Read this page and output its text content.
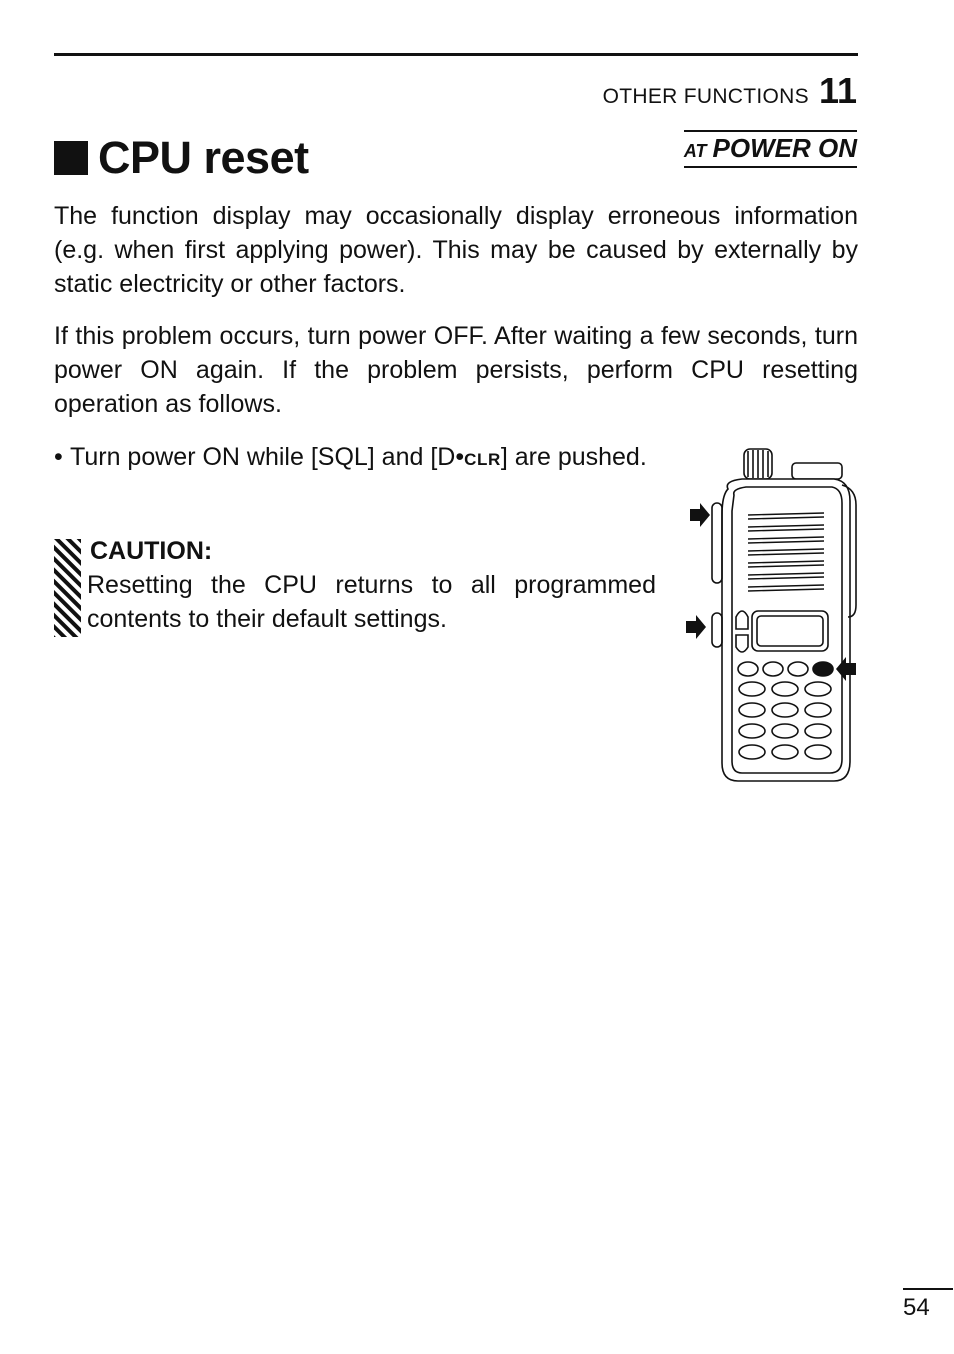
OTHER FUNCTIONS 11
CPU reset	AT POWER ON

The function display may occasionally display erroneous information (e.g. when first applying power). This may be caused by externally by static electricity or other factors.

If this problem occurs, turn power OFF. After waiting a few seconds, turn power ON again. If the problem persists, perform CPU resetting operation as follows.

• Turn power ON while [SQL] and [D•CLR] are pushed.
CAUTION:

Resetting the CPU returns to all programmed contents to their default settings.

54
